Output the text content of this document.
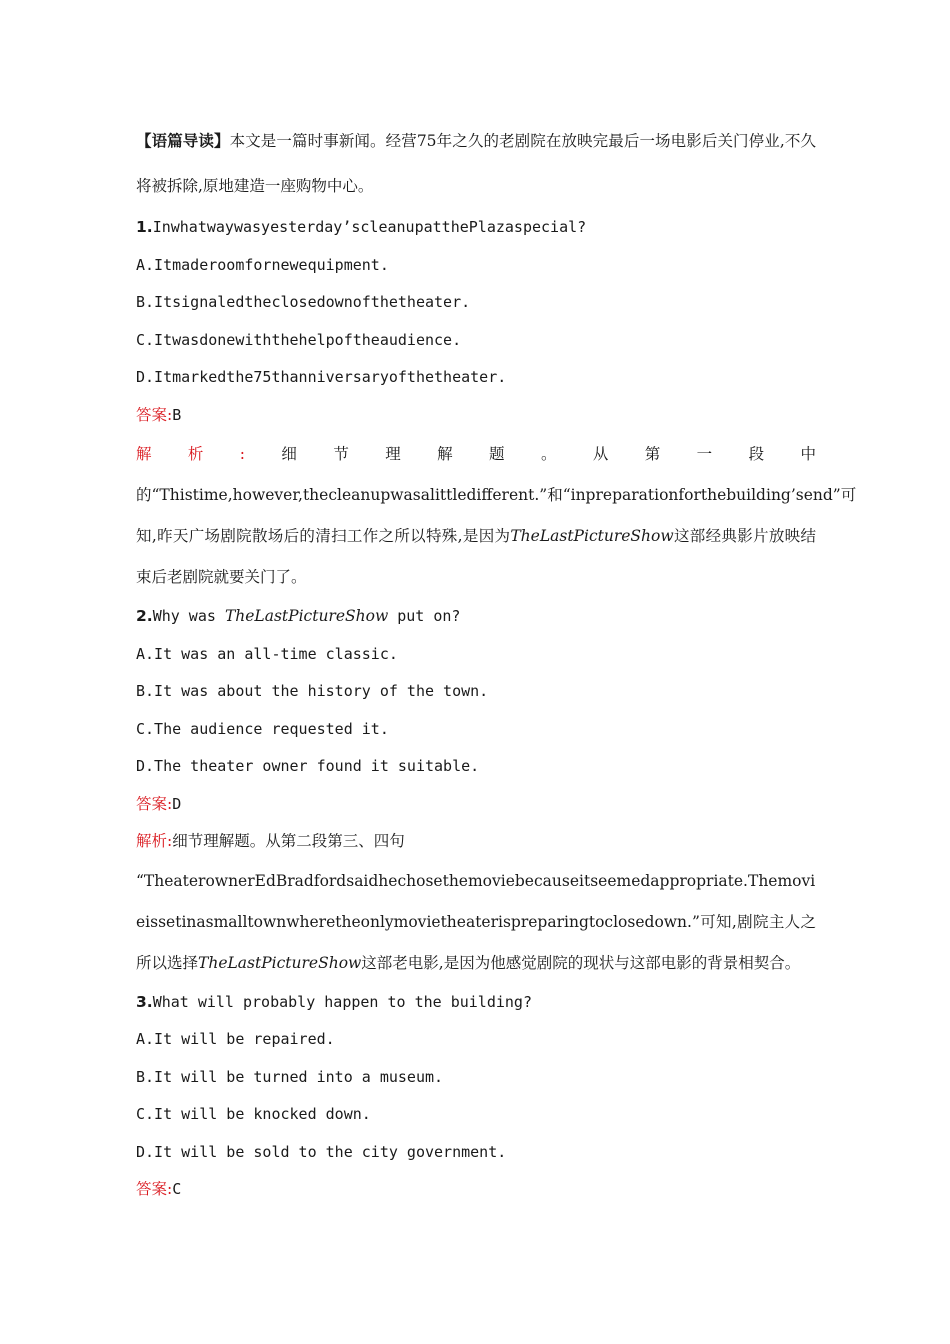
【语篇导读】本文是一篇时事新闻。经营75年之久的老剧院在放映完最后一场电影后关门停业,不久将被拆除,原地建造一座购物中心。
1.Inwhatwaywasyesterday’scleanupatthePlazaspecial?
A.Itmaderoomfornewequipment.
B.Itsignaledtheclosedownofthetheater.
C.Itwasdonewiththehelpoftheaudience.
D.Itmarkedthe75thanniversaryofthetheater.
答案:B
解析:细节理解题。从第一段中的“Thistime,however,thecleanupwasalittledifferent.”和“inpreparationforthebuilding’send”可知,昨天广场剧院散场后的清扫工作之所以特殊,是因为TheLastPictureShow这部经典影片放映结束后老剧院就要关门了。
2.Why was TheLastPictureShow put on?
A.It was an all-time classic.
B.It was about the history of the town.
C.The audience requested it.
D.The theater owner found it suitable.
答案:D
解析:细节理解题。从第二段第三、四句
“TheaterownerEdBradfordsaidhechosethemoviebecauseitseemedappropriate.Themovieissetinasmalltownwheretheonlymovietheaterispreparingtoclosedown.”可知,剧院主人之所以选择TheLastPictureShow这部老电影,是因为他感觉剧院的现状与这部电影的背景相契合。
3.What will probably happen to the building?
A.It will be repaired.
B.It will be turned into a museum.
C.It will be knocked down.
D.It will be sold to the city government.
答案:C
